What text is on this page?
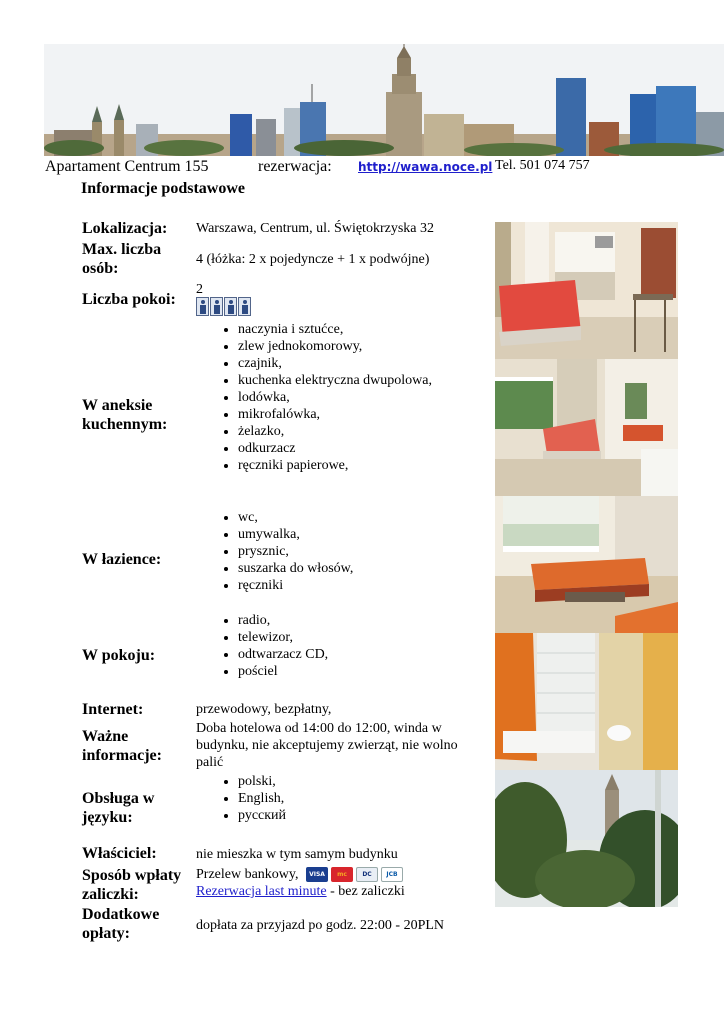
Apartament Centrum 155	rezerwacja: http://wawa.noce.pl Tel. 501 074 757
Informacje podstawowe
Lokalizacja: Warszawa, Centrum, ul. Świętokrzyska 32
Max. liczba osób:
4 (łóżka: 2 x pojedyncze + 1 x podwójne)
Liczba pokoi:
2
W aneksie kuchennym:
• naczynia i sztućce,
• zlew jednokomorowy,
• czajnik,
• kuchenka elektryczna dwupolowa,
• lodówka,
• mikrofalówka,
• żelazko,
• odkurzacz
• ręczniki papierowe,
W łazience:
• wc,
• umywalka,
• prysznic,
• suszarka do włosów,
• ręczniki
W pokoju:
• radio,
• telewizor,
• odtwarzacz CD,
• pościel
Internet:	przewodowy, bezpłatny,
Ważne informacje:
Doba hotelowa od 14:00 do 12:00, winda w budynku, nie akceptujemy zwierząt, nie wolno palić
Obsługa w języku:
• polski,
• English,
• русский
Właściciel:	nie mieszka w tym samym budynku
Sposób wpłaty zaliczki:
Przelew bankowy,	VISA	mc	DC	JCB

Rezerwacja last minute - bez zaliczki
Dodatkowe opłaty:	dopłata za przyjazd po godz. 22:00 - 20PLN
